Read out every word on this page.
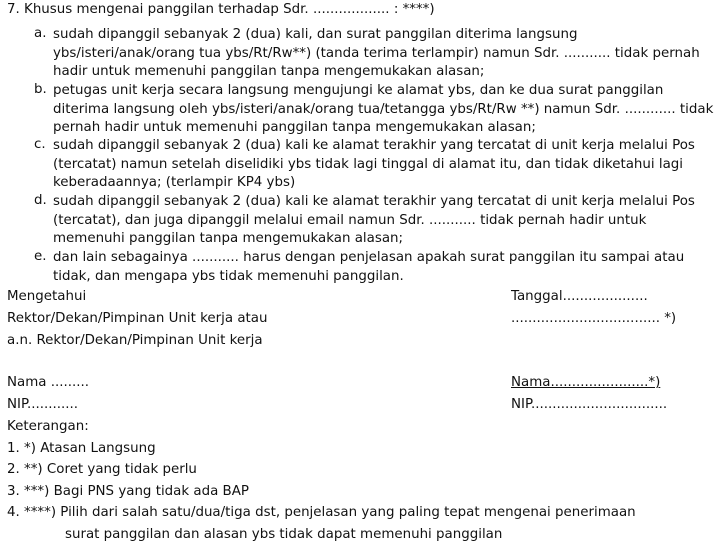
7. Khusus mengenai panggilan terhadap Sdr. .................. : ****)
a. sudah dipanggil sebanyak 2 (dua) kali, dan surat panggilan diterima langsung ybs/isteri/anak/orang tua ybs/Rt/Rw**) (tanda terima terlampir) namun Sdr. ........... tidak pernah hadir untuk memenuhi panggilan tanpa mengemukakan alasan;
b. petugas unit kerja secara langsung mengujungi ke alamat ybs, dan ke dua surat panggilan diterima langsung oleh ybs/isteri/anak/orang tua/tetangga ybs/Rt/Rw **) namun Sdr. ............ tidak pernah hadir untuk memenuhi panggilan tanpa mengemukakan alasan;
c. sudah dipanggil sebanyak 2 (dua) kali ke alamat terakhir yang tercatat di unit kerja melalui Pos (tercatat) namun setelah diselidiki ybs tidak lagi tinggal di alamat itu, dan tidak diketahui lagi keberadaannya; (terlampir KP4 ybs)
d. sudah dipanggil sebanyak 2 (dua) kali ke alamat terakhir yang tercatat di unit kerja melalui Pos (tercatat), dan juga dipanggil melalui email namun Sdr. ........... tidak pernah hadir untuk memenuhi panggilan tanpa mengemukakan alasan;
e. dan lain sebagainya ........... harus dengan penjelasan apakah surat panggilan itu sampai atau tidak, dan mengapa ybs tidak memenuhi panggilan.
Mengetahui
Rektor/Dekan/Pimpinan Unit kerja atau
a.n. Rektor/Dekan/Pimpinan Unit kerja
Tanggal....................
................................... *)
Nama .........
NIP............
Nama.......................*)
NIP................................
Keterangan:
1. *) Atasan Langsung
2. **) Coret yang tidak perlu
3. ***) Bagi PNS yang tidak ada BAP
4. ****) Pilih dari salah satu/dua/tiga dst, penjelasan yang paling tepat mengenai penerimaan
surat panggilan dan alasan ybs tidak dapat memenuhi panggilan
